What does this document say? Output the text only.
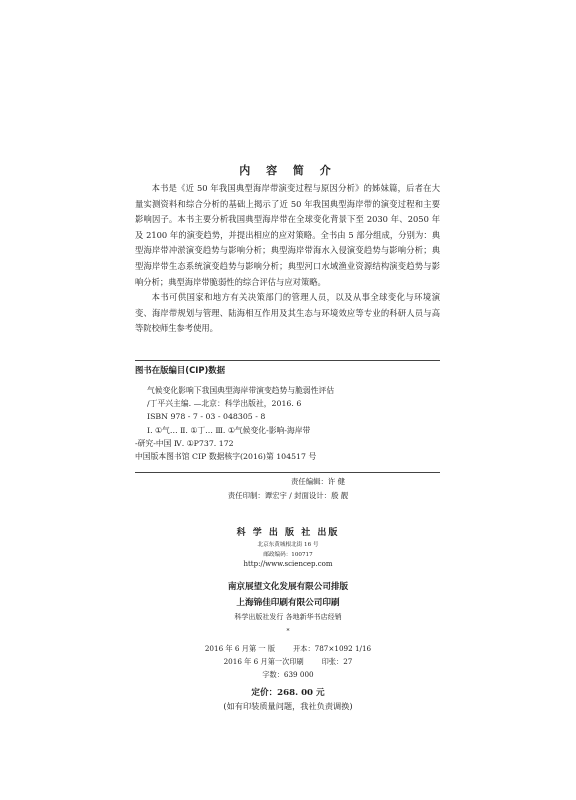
内 容 简 介

本书是《近 50 年我国典型海岸带演变过程与原因分析》的姊妹篇，后者在大量实测资料和综合分析的基础上揭示了近 50 年我国典型海岸带的演变过程和主要影响因子。本书主要分析我国典型海岸带在全球变化背景下至 2030 年、2050 年及 2100 年的演变趋势，并提出相应的应对策略。全书由 5 部分组成，分别为：典型海岸带冲淤演变趋势与影响分析；典型海岸带海水入侵演变趋势与影响分析；典型海岸带生态系统演变趋势与影响分析；典型河口水域渔业资源结构演变趋势与影响分析；典型海岸带脆弱性的综合评估与应对策略。

本书可供国家和地方有关决策部门的管理人员，以及从事全球变化与环境演变、海岸带规划与管理、陆海相互作用及其生态与环境效应等专业的科研人员与高等院校师生参考使用。

图书在版编目(CIP)数据
气候变化影响下我国典型海岸带演变趋势与脆弱性评估
/丁平兴主编. —北京：科学出版社，2016. 6
ISBN 978 - 7 - 03 - 048305 - 8
Ⅰ. ①气… Ⅱ. ①丁… Ⅲ. ①气候变化-影响-海岸带
-研究-中国 Ⅳ. ①P737. 172
中国版本图书馆 CIP 数据核字(2016)第 104517 号
责任编辑：许 健
责任印制：谭宏宇 / 封面设计：殷 靓
科 学 出 版 社 出版
北京东黄城根北街 16 号
邮政编码：100717
http://www.sciencep.com
南京展望文化发展有限公司排版
上海锦佳印刷有限公司印刷
科学出版社发行 各地新华书店经销
*
2016 年 6 月第 一 版	开本：787×1092 1/16
2016 年 6 月第一次印刷	印张：27
字数：639 000
定价：268. 00 元
(如有印装质量问题，我社负责调换)
